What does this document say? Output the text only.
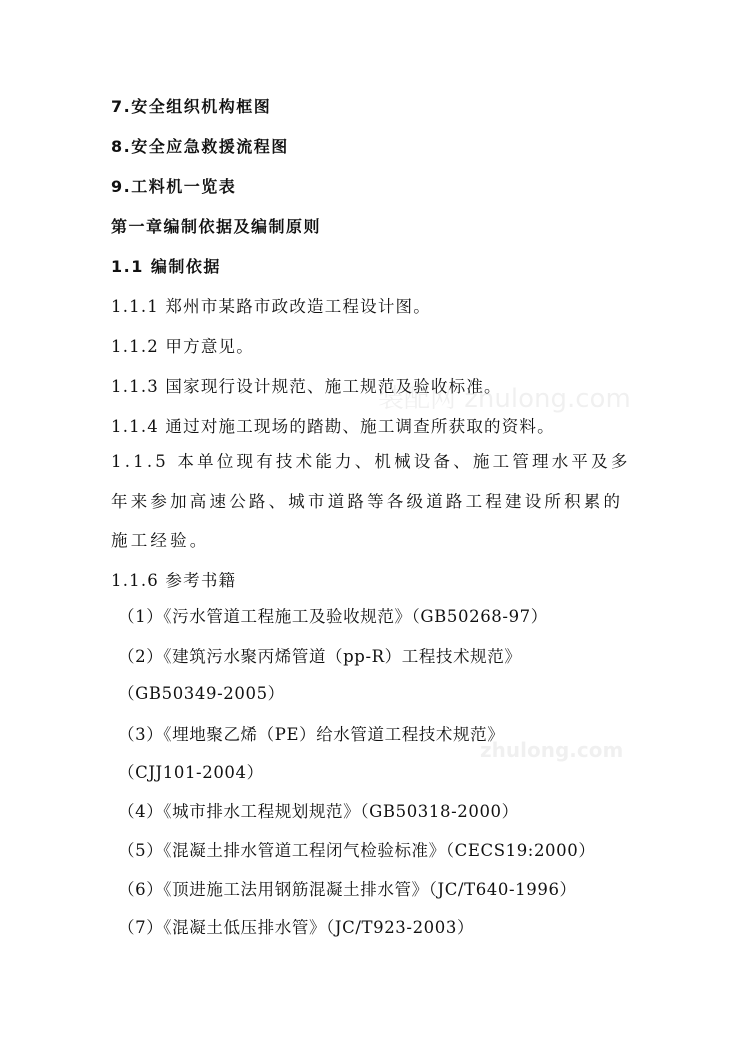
装配网 zhulong.com
zhulong.com
7.安全组织机构框图
8.安全应急救援流程图
9.工料机一览表
第一章编制依据及编制原则
1.1 编制依据
1.1.1 郑州市某路市政改造工程设计图。
1.1.2 甲方意见。
1.1.3 国家现行设计规范、施工规范及验收标准。
1.1.4 通过对施工现场的踏勘、施工调查所获取的资料。
1.1.5 本单位现有技术能力、机械设备、施工管理水平及多
年来参加高速公路、城市道路等各级道路工程建设所积累的
施工经验。
1.1.6 参考书籍
（1）《污水管道工程施工及验收规范》（GB50268-97）
（2）《建筑污水聚丙烯管道（pp-R）工程技术规范》
（GB50349-2005）
（3）《埋地聚乙烯（PE）给水管道工程技术规范》
（CJJ101-2004）
（4）《城市排水工程规划规范》（GB50318-2000）
（5）《混凝土排水管道工程闭气检验标准》（CECS19:2000）
（6）《顶进施工法用钢筋混凝土排水管》（JC/T640-1996）
（7）《混凝土低压排水管》（JC/T923-2003）
